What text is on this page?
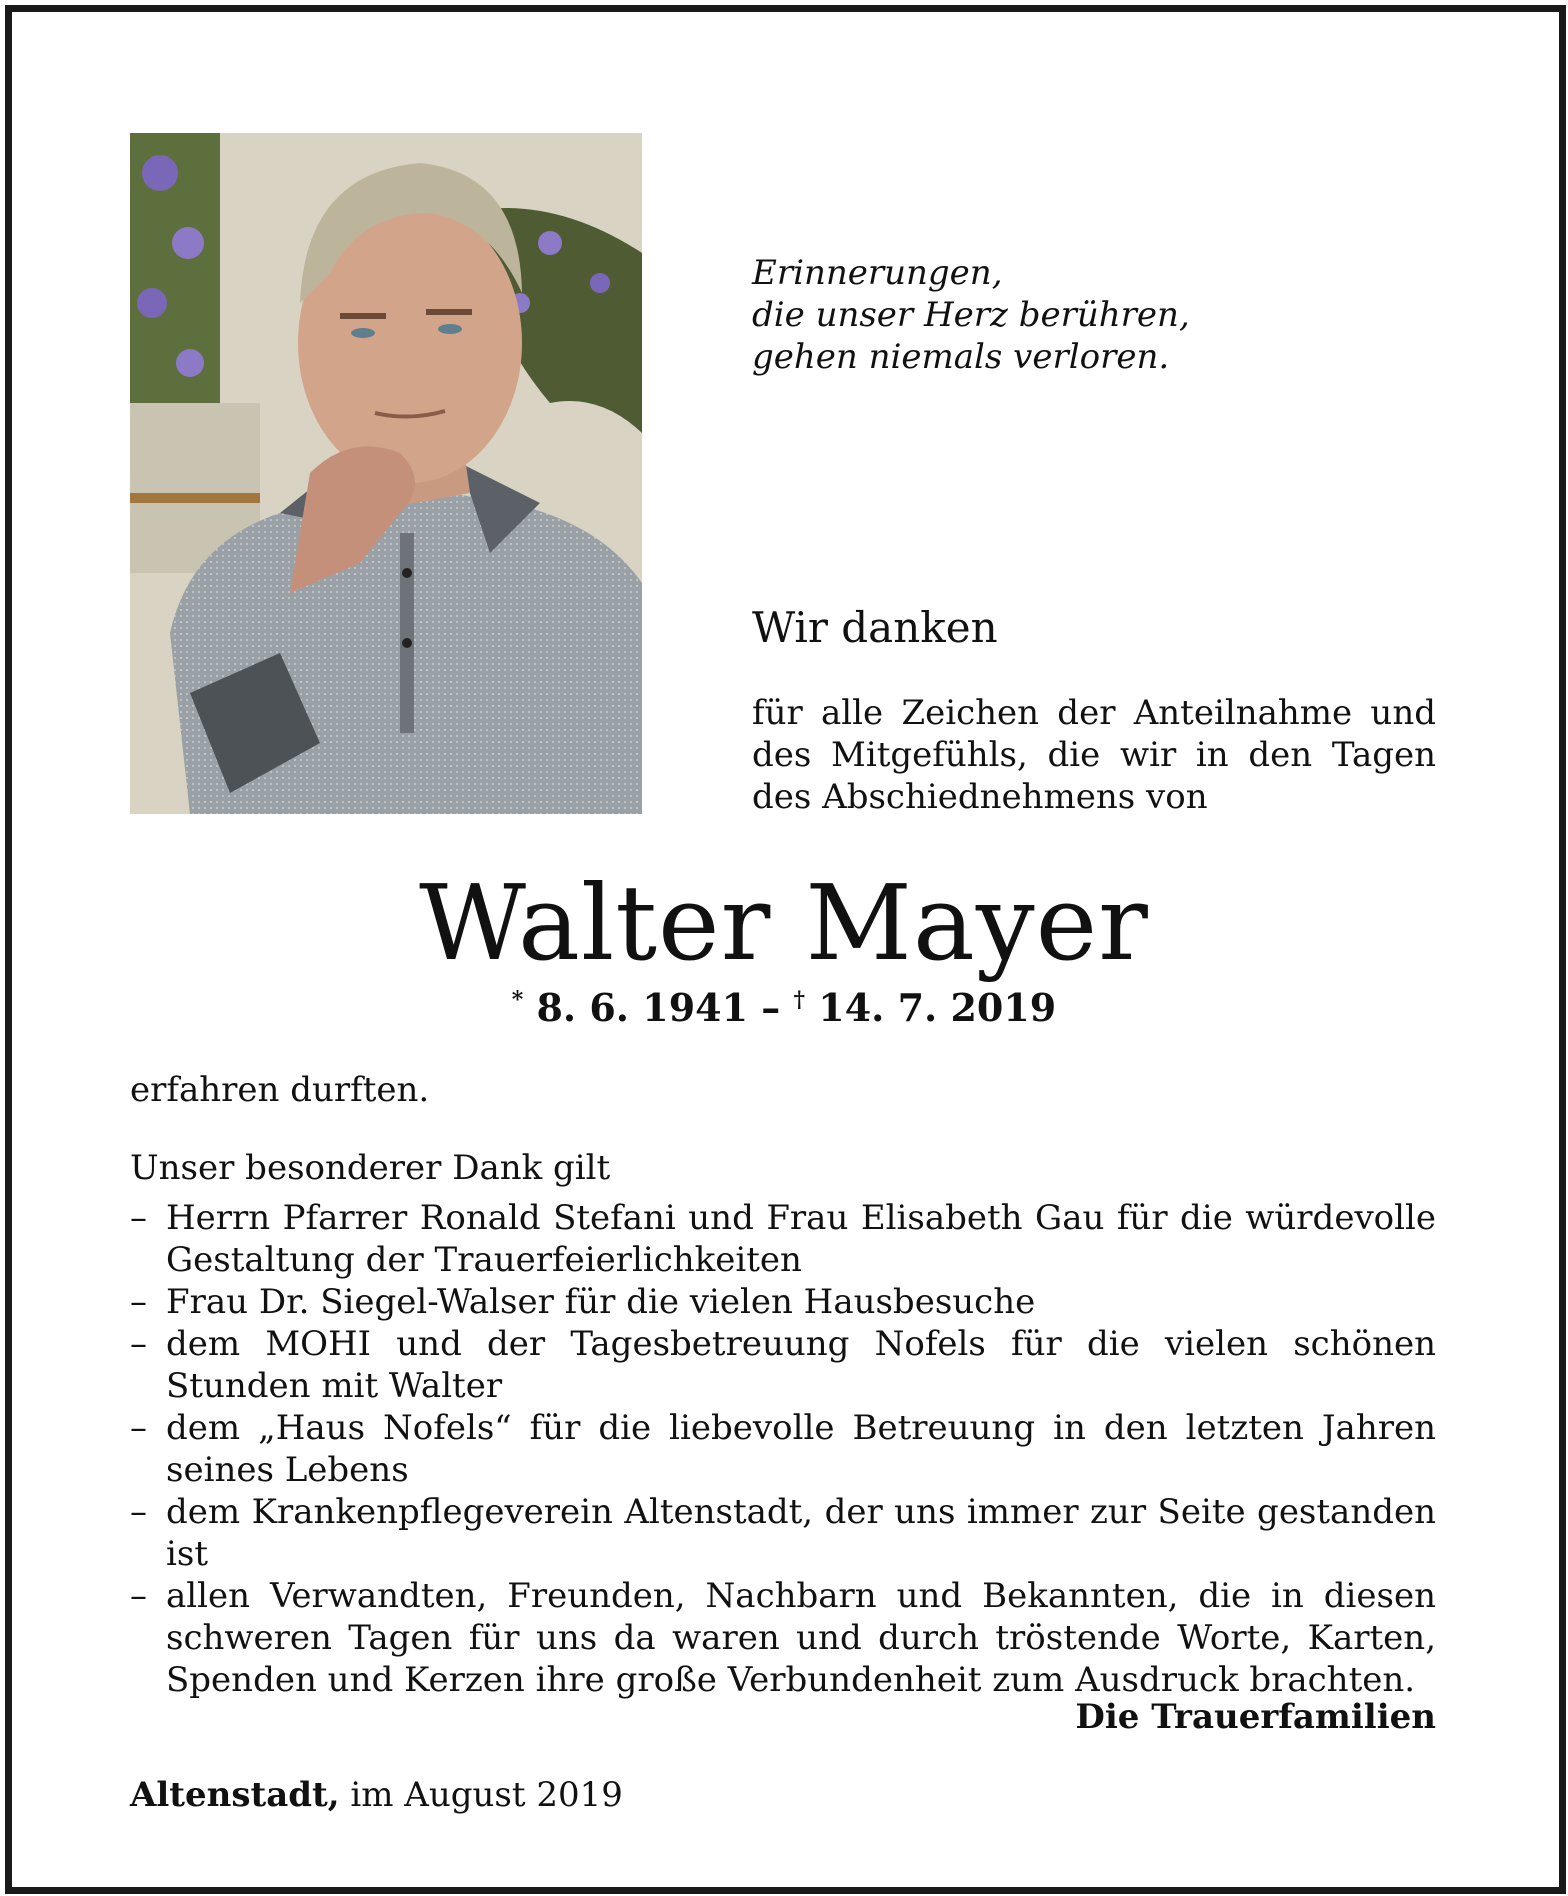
Erinnerungen,
die unser Herz berühren,
gehen niemals verloren.
Wir danken
für alle Zeichen der Anteilnahme und des Mitgefühls, die wir in den Tagen des Abschiednehmens von
Walter Mayer
* 8. 6. 1941 – † 14. 7. 2019
erfahren durften.
Unser besonderer Dank gilt
– Herrn Pfarrer Ronald Stefani und Frau Elisabeth Gau für die würdevolle Gestaltung der Trauerfeierlichkeiten
– Frau Dr. Siegel-Walser für die vielen Hausbesuche
– dem MOHI und der Tagesbetreuung Nofels für die vielen schönen Stunden mit Walter
– dem „Haus Nofels“ für die liebevolle Betreuung in den letzten Jahren seines Lebens
– dem Krankenpflegeverein Altenstadt, der uns immer zur Seite gestanden ist
– allen Verwandten, Freunden, Nachbarn und Bekannten, die in diesen schweren Tagen für uns da waren und durch tröstende Worte, Karten, Spenden und Kerzen ihre große Verbundenheit zum Ausdruck brachten.
Die Trauerfamilien
Altenstadt, im August 2019
